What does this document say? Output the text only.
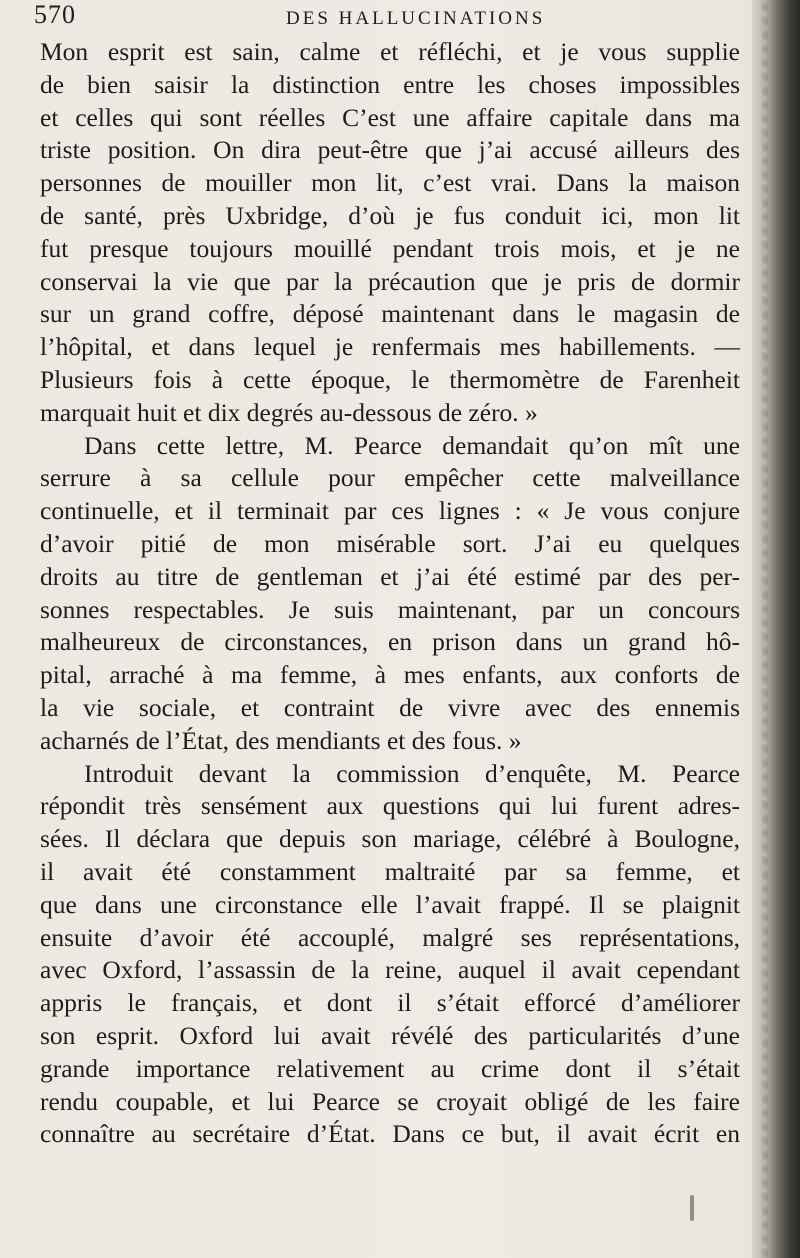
570	DES HALLUCINATIONS
Mon esprit est sain, calme et réfléchi, et je vous supplie
de bien saisir la distinction entre les choses impossibles
et celles qui sont réelles C’est une affaire capitale dans ma
triste position. On dira peut-être que j’ai accusé ailleurs des
personnes de mouiller mon lit, c’est vrai. Dans la maison
de santé, près Uxbridge, d’où je fus conduit ici, mon lit
fut presque toujours mouillé pendant trois mois, et je ne
conservai la vie que par la précaution que je pris de dormir
sur un grand coffre, déposé maintenant dans le magasin de
l’hôpital, et dans lequel je renfermais mes habillements. —
Plusieurs fois à cette époque, le thermomètre de Farenheit
marquait huit et dix degrés au-dessous de zéro. »
Dans cette lettre, M. Pearce demandait qu’on mît une
serrure à sa cellule pour empêcher cette malveillance
continuelle, et il terminait par ces lignes : « Je vous conjure
d’avoir pitié de mon misérable sort. J’ai eu quelques
droits au titre de gentleman et j’ai été estimé par des per-
sonnes respectables. Je suis maintenant, par un concours
malheureux de circonstances, en prison dans un grand hô-
pital, arraché à ma femme, à mes enfants, aux conforts de
la vie sociale, et contraint de vivre avec des ennemis
acharnés de l’État, des mendiants et des fous. »
Introduit devant la commission d’enquête, M. Pearce
répondit très sensément aux questions qui lui furent adres-
sées. Il déclara que depuis son mariage, célébré à Boulogne,
il avait été constamment maltraité par sa femme, et
que dans une circonstance elle l’avait frappé. Il se plaignit
ensuite d’avoir été accouplé, malgré ses représentations,
avec Oxford, l’assassin de la reine, auquel il avait cependant
appris le français, et dont il s’était efforcé d’améliorer
son esprit. Oxford lui avait révélé des particularités d’une
grande importance relativement au crime dont il s’était
rendu coupable, et lui Pearce se croyait obligé de les faire
connaître au secrétaire d’État. Dans ce but, il avait écrit en
